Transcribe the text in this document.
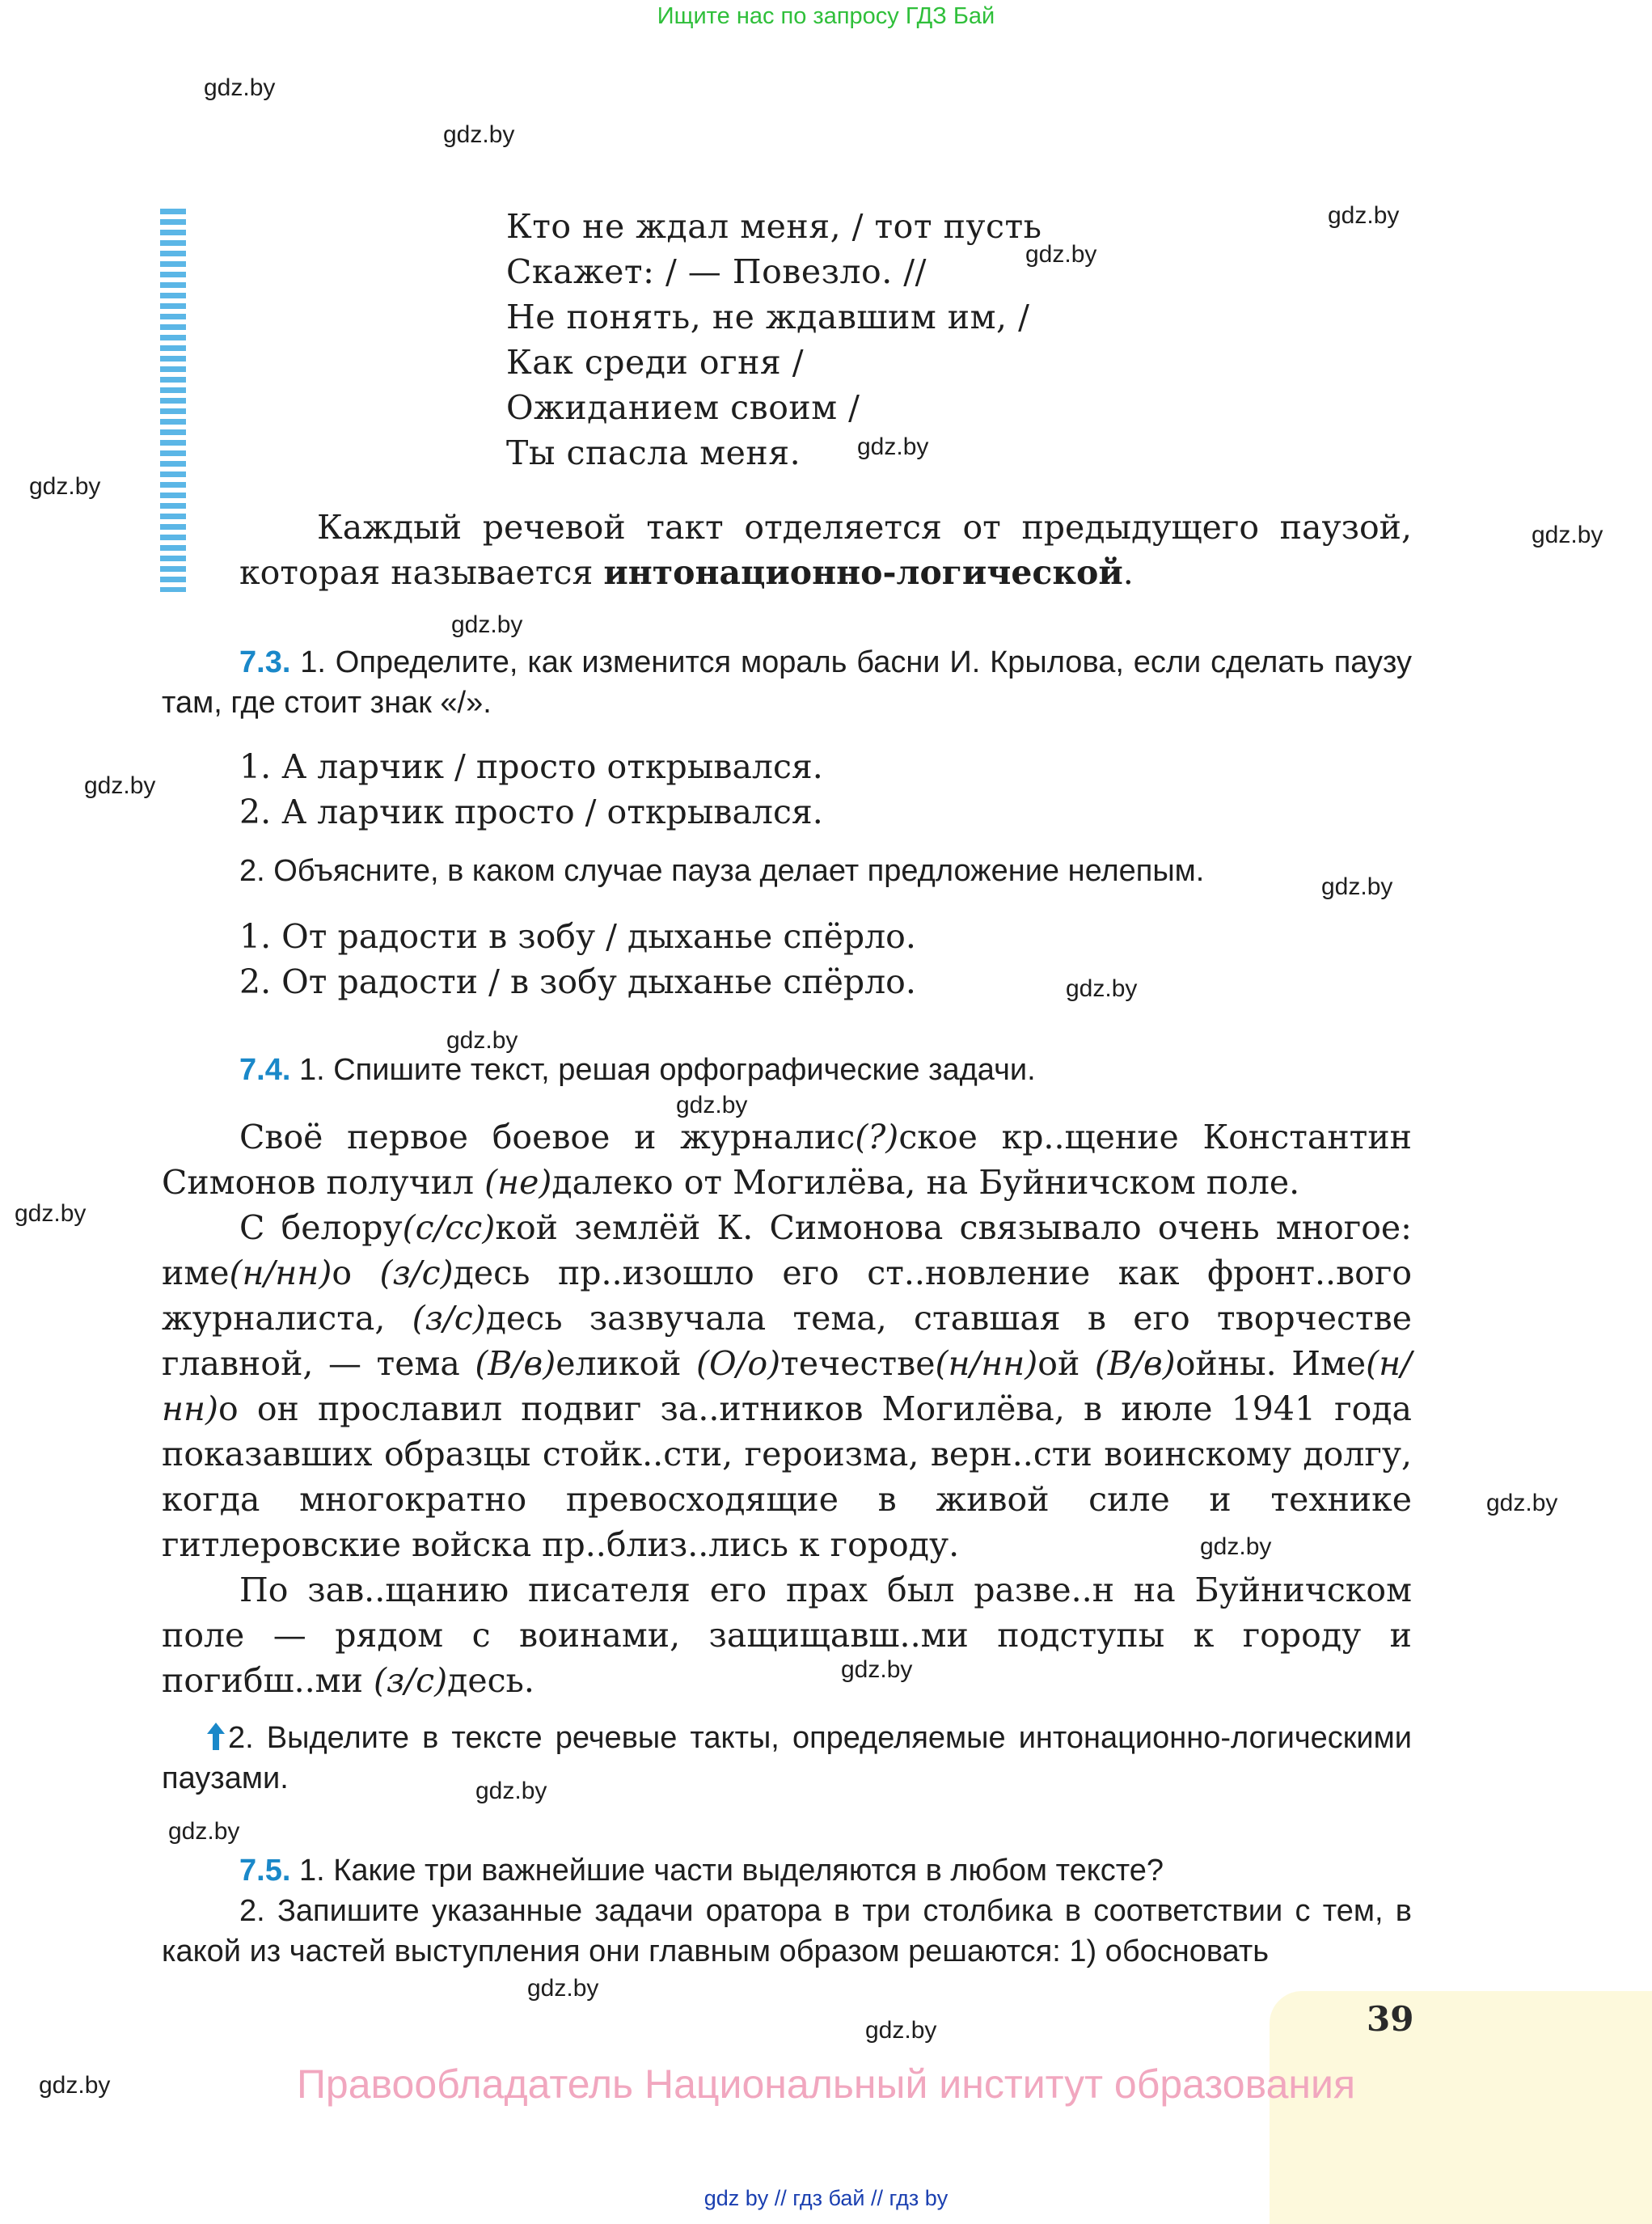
Ищите нас по запросу ГДЗ Бай
gdz.by
gdz.by
gdz.by
gdz.by
gdz.by
gdz.by
gdz.by
gdz.by
gdz.by
gdz.by
gdz.by
gdz.by
gdz.by
gdz.by
gdz.by
gdz.by
gdz.by
gdz.by
gdz.by
gdz.by
gdz.by
gdz.by
Кто не ждал меня, / тот пусть
Скажет: / — Повезло. //
Не понять, не ждавшим им, /
Как среди огня /
Ожиданием своим /
Ты спасла меня.
Каждый речевой такт отделяется от предыдущего паузой, которая называется интонационно-логической.
7.3. 1. Определите, как изменится мораль басни И. Крылова, если сделать паузу там, где стоит знак «/».
1. А ларчик / просто открывался.
2. А ларчик просто / открывался.
2. Объясните, в каком случае пауза делает предложение нелепым.
1. От радости в зобу / дыханье спёрло.
2. От радости / в зобу дыханье спёрло.
7.4. 1. Спишите текст, решая орфографические задачи.
Своё первое боевое и журналис(?)ское кр..щение Константин Симонов получил (не)далеко от Могилёва, на Буйничском поле.
С белору(с/сс)кой землёй К. Симонова связывало очень многое: име(н/нн)о (з/с)десь пр..изошло его ст..новление как фронт..вого журналиста, (з/с)десь зазвучала тема, ставшая в его творчестве главной, — тема (В/в)еликой (О/о)течестве(н/нн)ой (В/в)ойны. Име(н/нн)о он прославил подвиг за..итников Могилёва, в июле 1941 года показавших образцы стойк..сти, героизма, верн..сти воинскому долгу, когда многократно превосходящие в живой силе и технике гитлеровские войска пр..близ..лись к городу.
По зав..щанию писателя его прах был разве..н на Буйничском поле — рядом с воинами, защищавш..ми подступы к городу и погибш..ми (з/с)десь.
2. Выделите в тексте речевые такты, определяемые интонационно-логическими паузами.
7.5. 1. Какие три важнейшие части выделяются в любом тексте?
2. Запишите указанные задачи оратора в три столбика в соответствии с тем, в какой из частей выступления они главным образом решаются: 1) обосновать
39
Правообладатель Национальный институт образования
gdz by // гдз бай // гдз by
